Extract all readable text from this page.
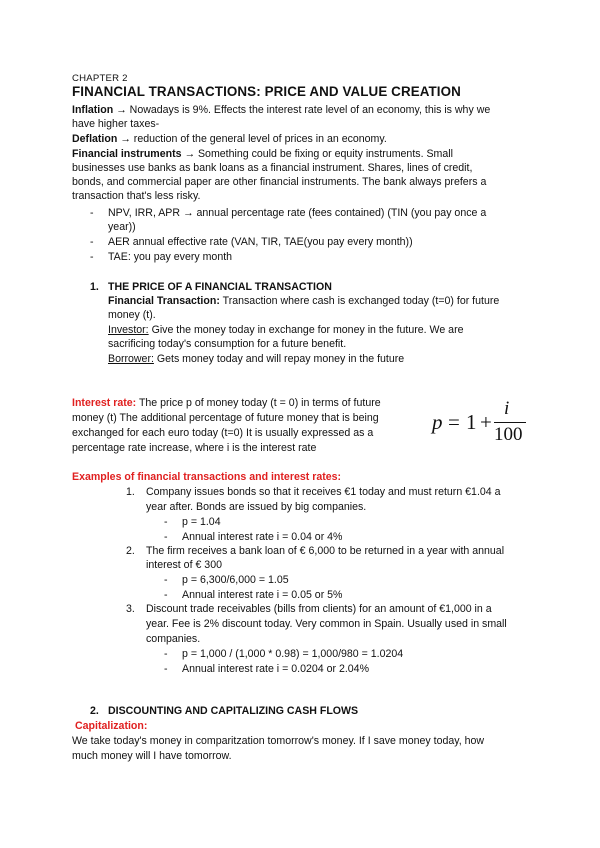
CHAPTER 2
FINANCIAL TRANSACTIONS: PRICE AND VALUE CREATION
Inflation → Nowadays is 9%. Effects the interest rate level of an economy, this is why we
have higher taxes-
Deflation → reduction of the general level of prices in an economy.
Financial instruments → Something could be fixing or equity instruments. Small
businesses use banks as bank loans as a financial instrument. Shares, lines of credit,
bonds, and commercial paper are other financial instruments. The bank always prefers a
transaction that's less risky.
- NPV, IRR, APR → annual percentage rate (fees contained) (TIN (you pay once a
year))
- AER annual effective rate (VAN, TIR, TAE(you pay every month))
- TAE: you pay every month
1. THE PRICE OF A FINANCIAL TRANSACTION
Financial Transaction: Transaction where cash is exchanged today (t=0) for future
money (t).
Investor: Give the money today in exchange for money in the future. We are
sacrificing today's consumption for a future benefit.
Borrower: Gets money today and will repay money in the future
Interest rate: The price p of money today (t = 0) in terms of future
money (t) The additional percentage of future money that is being
exchanged for each euro today (t=0) It is usually expressed as a
percentage rate increase, where i is the interest rate
p = 1 +
i
100
Examples of financial transactions and interest rates:
1. Company issues bonds so that it receives €1 today and must return €1.04 a
year after. Bonds are issued by big companies.
- p = 1.04
- Annual interest rate i = 0.04 or 4%
2. The firm receives a bank loan of € 6,000 to be returned in a year with annual
interest of € 300
- p = 6,300/6,000 = 1.05
- Annual interest rate i = 0.05 or 5%
3. Discount trade receivables (bills from clients) for an amount of €1,000 in a
year. Fee is 2% discount today. Very common in Spain. Usually used in small
companies.
- p = 1,000 / (1,000 * 0.98) = 1,000/980 = 1.0204
- Annual interest rate i = 0.0204 or 2.04%
2. DISCOUNTING AND CAPITALIZING CASH FLOWS
Capitalization:
We take today's money in comparitzation tomorrow's money. If I save money today, how
much money will I have tomorrow.
